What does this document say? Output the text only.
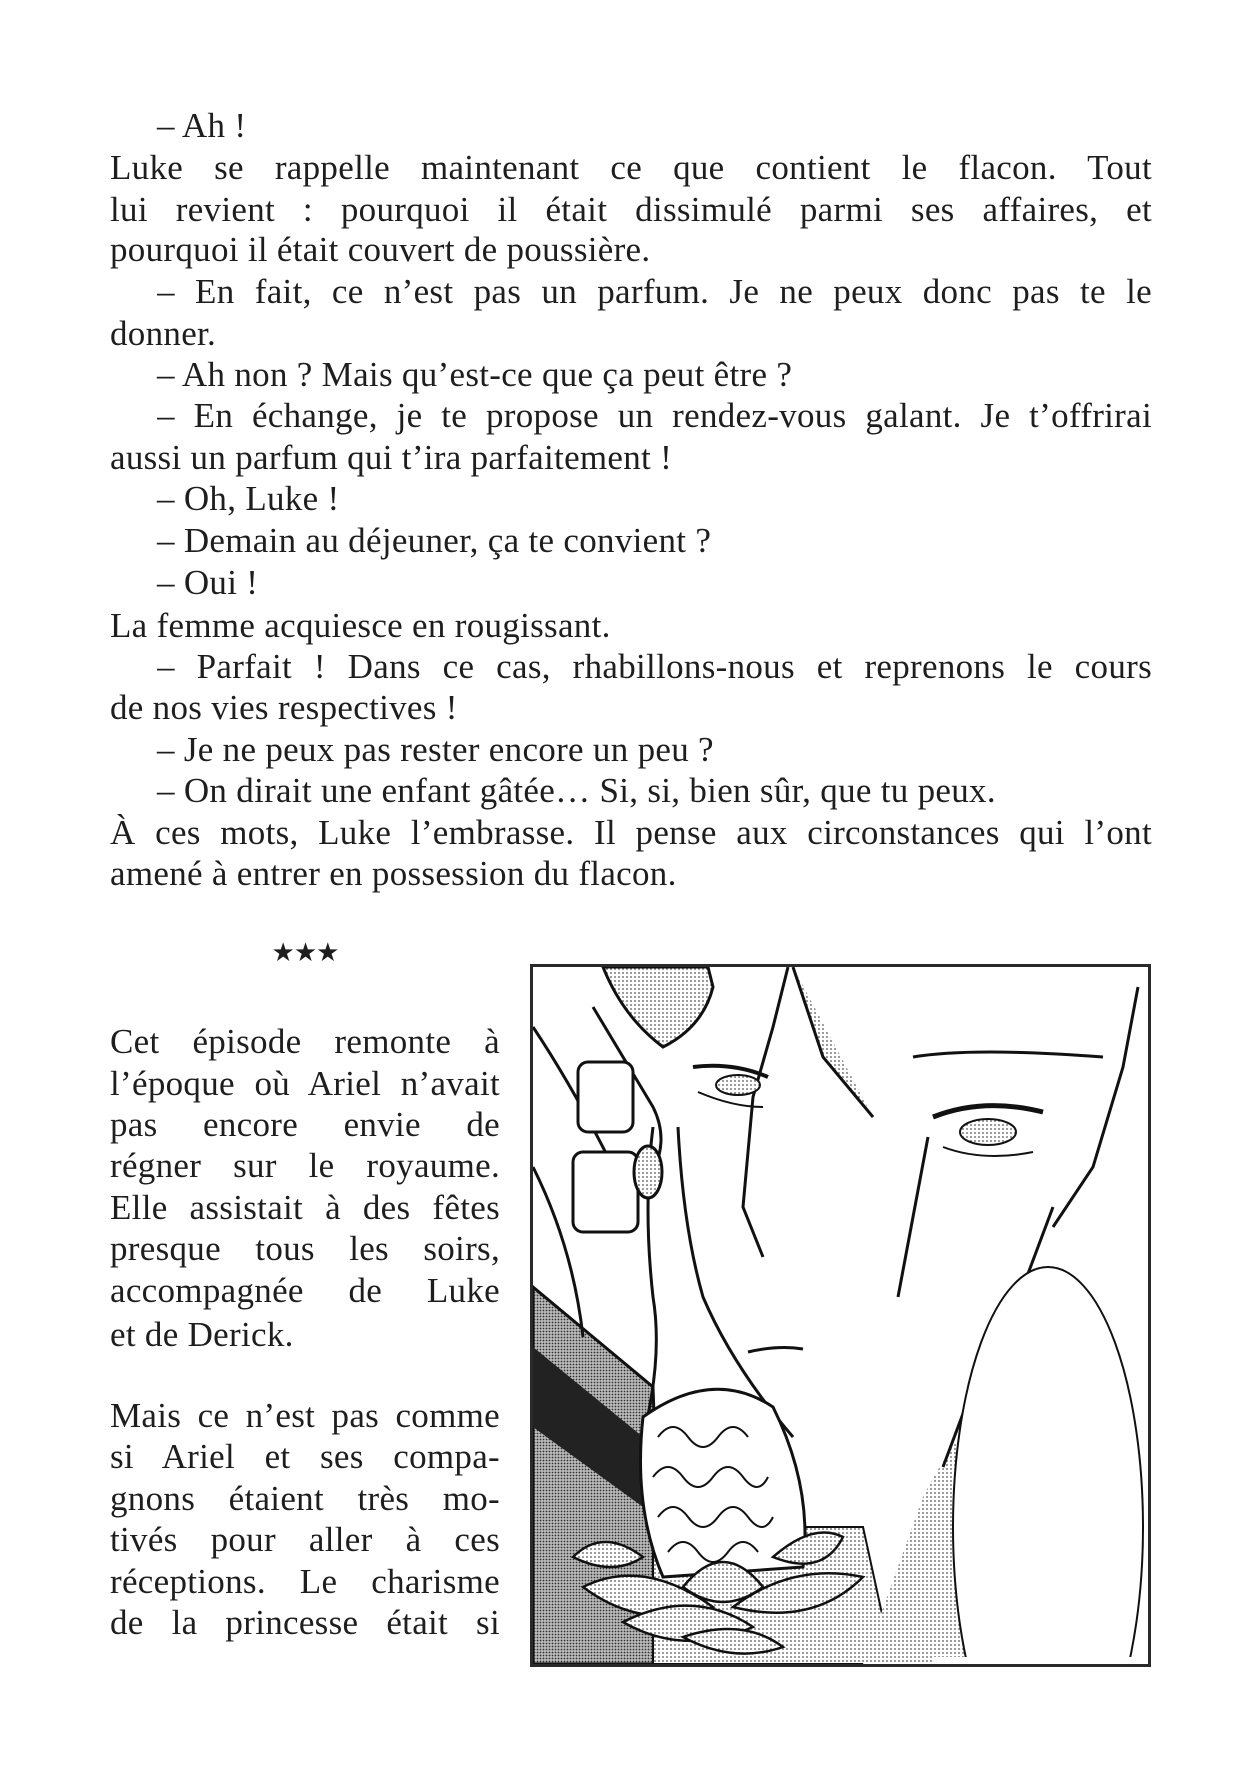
– Ah !
Luke se rappelle maintenant ce que contient le flacon. Tout
lui revient : pourquoi il était dissimulé parmi ses affaires, et
pourquoi il était couvert de poussière.
– En fait, ce n’est pas un parfum. Je ne peux donc pas te le
donner.
– Ah non ? Mais qu’est-ce que ça peut être ?
– En échange, je te propose un rendez-vous galant. Je t’offrirai
aussi un parfum qui t’ira parfaitement !
– Oh, Luke !
– Demain au déjeuner, ça te convient ?
– Oui !
La femme acquiesce en rougissant.
– Parfait ! Dans ce cas, rhabillons-nous et reprenons le cours
de nos vies respectives !
– Je ne peux pas rester encore un peu ?
– On dirait une enfant gâtée… Si, si, bien sûr, que tu peux.
À ces mots, Luke l’embrasse. Il pense aux circonstances qui l’ont
amené à entrer en possession du flacon.
★★★
Cet épisode remonte à
l’époque où Ariel n’avait
pas encore envie de
régner sur le royaume.
Elle assistait à des fêtes
presque tous les soirs,
accompagnée de Luke
et de Derick.
Mais ce n’est pas comme
si Ariel et ses compa-
gnons étaient très mo-
tivés pour aller à ces
réceptions. Le charisme
de la princesse était si
